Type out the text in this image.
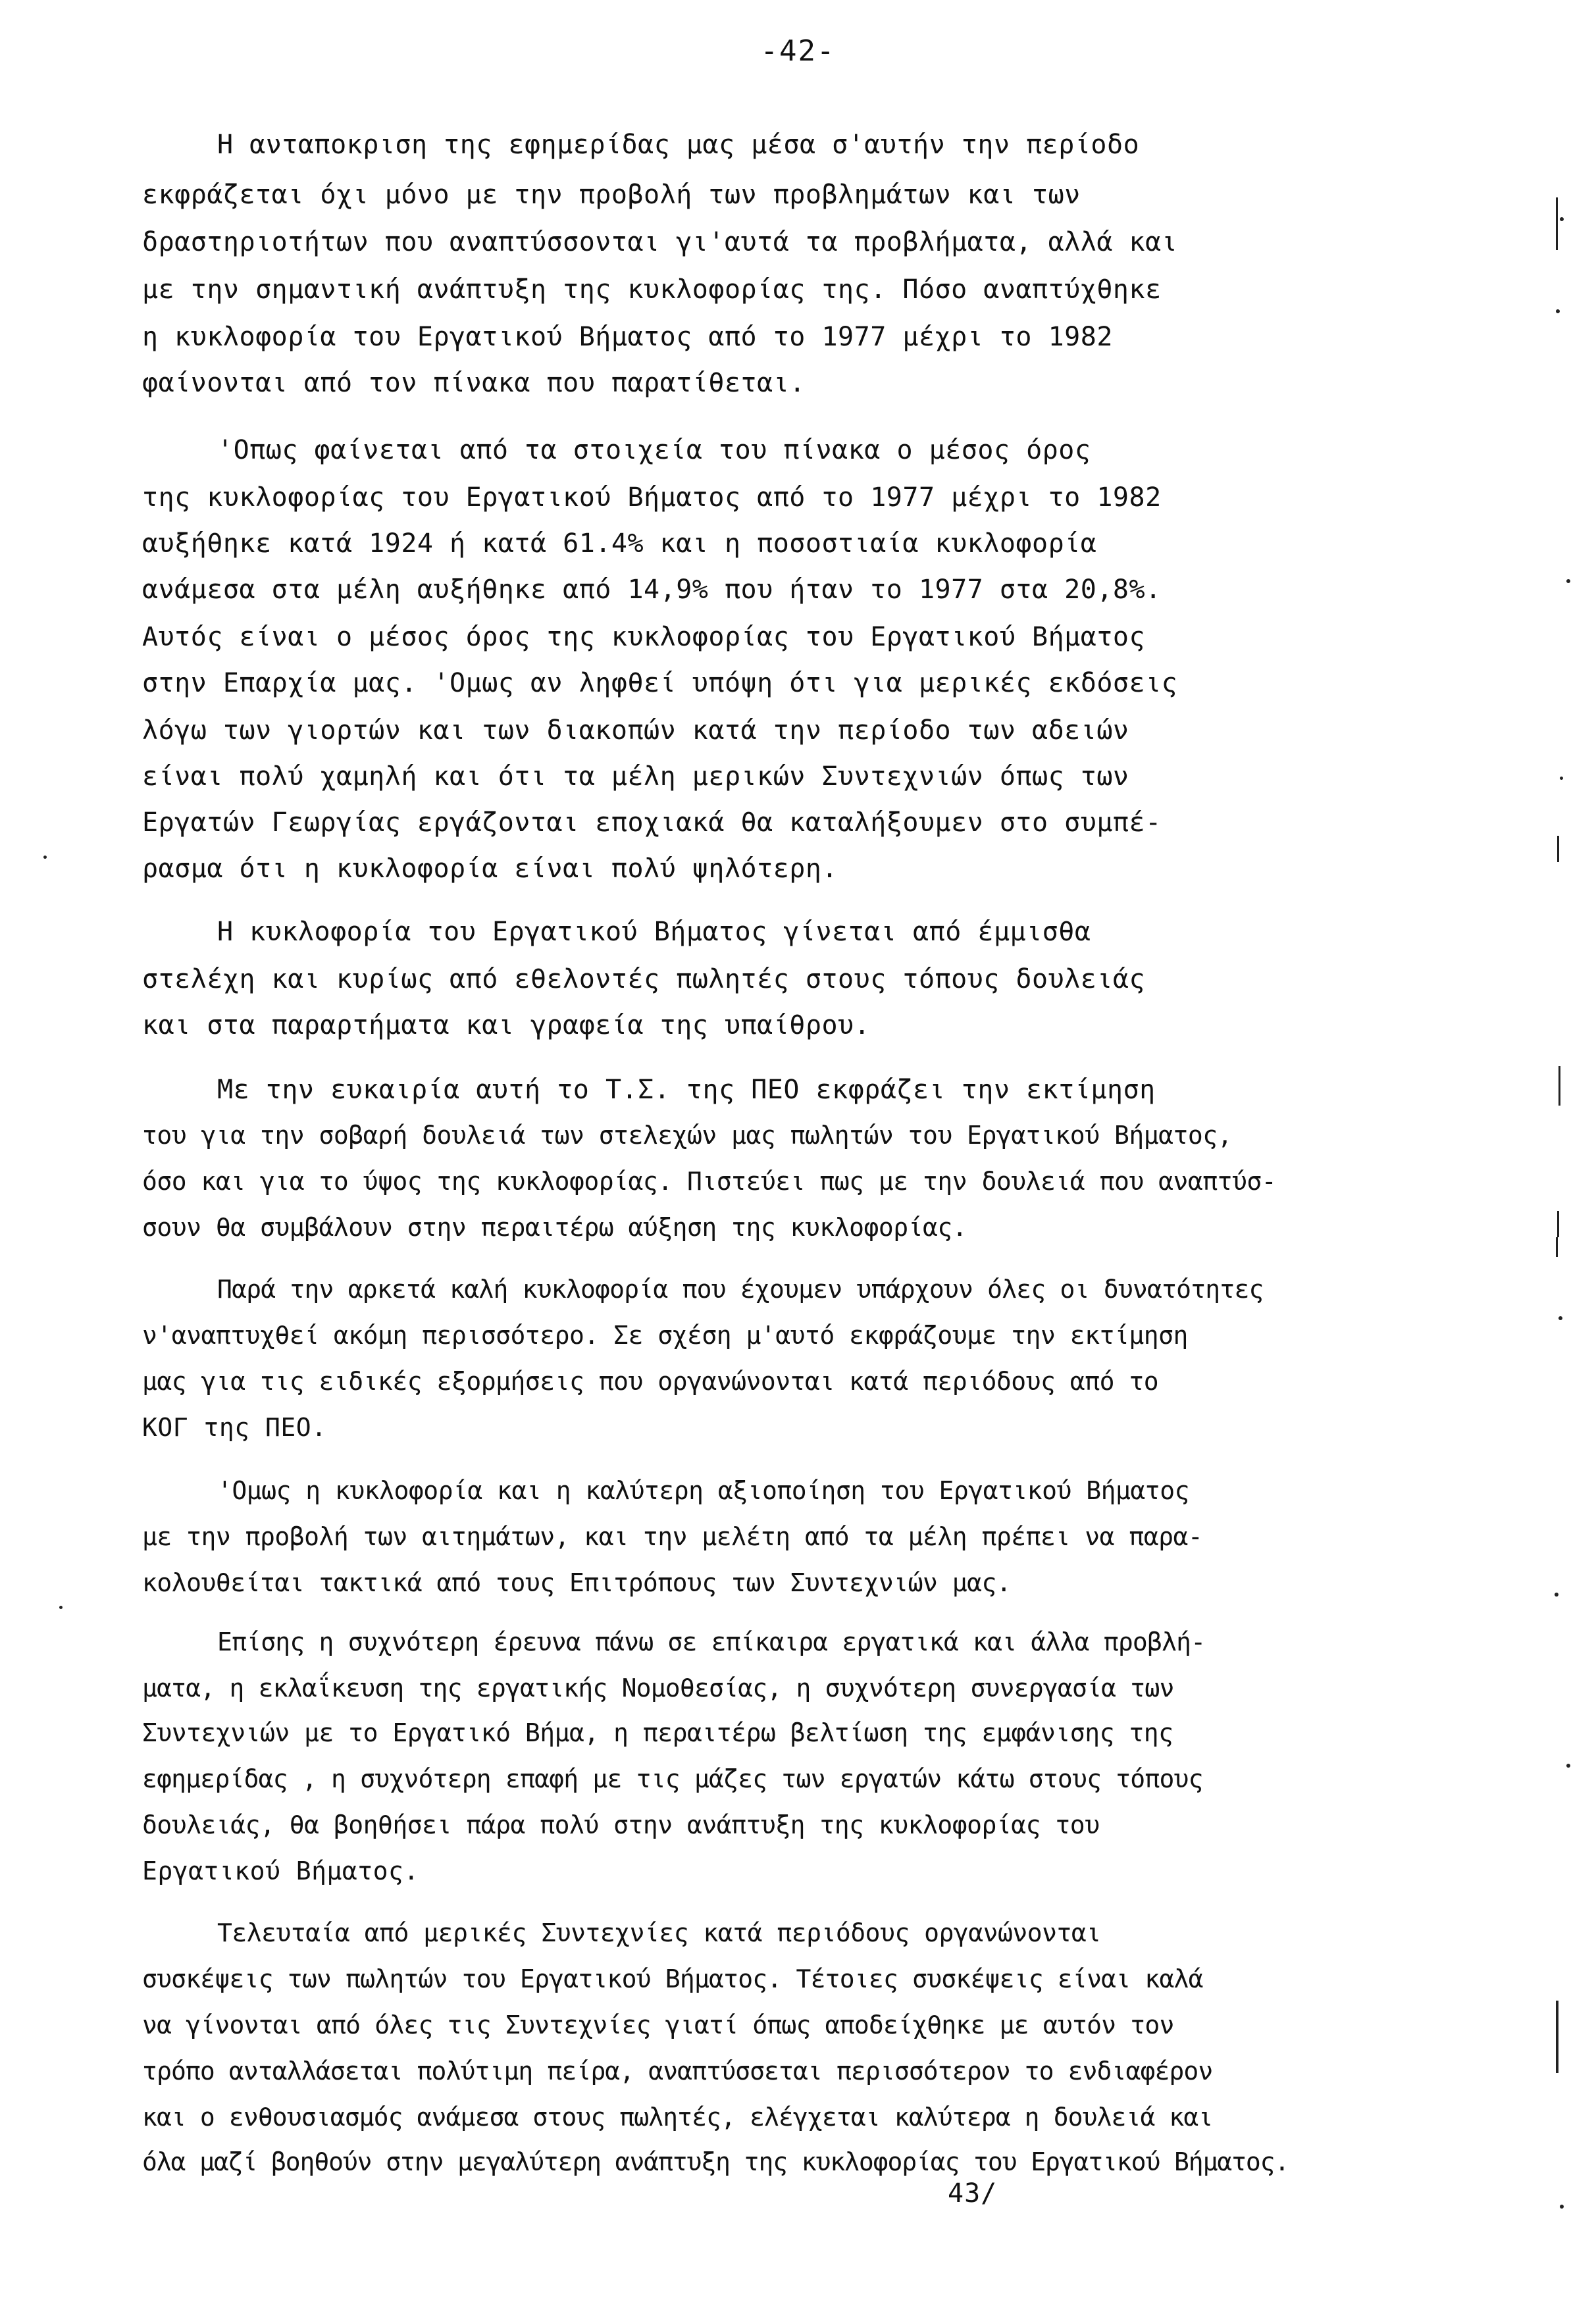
-42-
Η ανταποκριση της εφημερίδας μας μέσα σ'αυτήν την περίοδο
εκφράζεται όχι μόνο με την προβολή των προβλημάτων και των
δραστηριοτήτων που αναπτύσσονται γι'αυτά τα προβλήματα, αλλά και
με την σημαντική ανάπτυξη της κυκλοφορίας της. Πόσο αναπτύχθηκε
η κυκλοφορία του Εργατικού Βήματος από το 1977 μέχρι το 1982
φαίνονται από τον πίνακα που παρατίθεται.
'Οπως φαίνεται από τα στοιχεία του πίνακα ο μέσος όρος
της κυκλοφορίας του Εργατικού Βήματος από το 1977 μέχρι το 1982
αυξήθηκε κατά 1924 ή κατά 61.4% και η ποσοστιαία κυκλοφορία
ανάμεσα στα μέλη αυξήθηκε από 14,9% που ήταν το 1977 στα 20,8%.
Αυτός είναι ο μέσος όρος της κυκλοφορίας του Εργατικού Βήματος
στην Επαρχία μας. 'Ομως αν ληφθεί υπόψη ότι για μερικές εκδόσεις
λόγω των γιορτών και των διακοπών κατά την περίοδο των αδειών
είναι πολύ χαμηλή και ότι τα μέλη μερικών Συντεχνιών όπως των
Εργατών Γεωργίας εργάζονται εποχιακά θα καταλήξουμεν στο συμπέ-
ρασμα ότι η κυκλοφορία είναι πολύ ψηλότερη.
Η κυκλοφορία του Εργατικού Βήματος γίνεται από έμμισθα
στελέχη και κυρίως από εθελοντές πωλητές στους τόπους δουλειάς
και στα παραρτήματα και γραφεία της υπαίθρου.
Με την ευκαιρία αυτή το Τ.Σ. της ΠΕΟ εκφράζει την εκτίμηση
του για την σοβαρή δουλειά των στελεχών μας πωλητών του Εργατικού Βήματος,
όσο και για το ύψος της κυκλοφορίας. Πιστεύει πως με την δουλειά που αναπτύσ-
σουν θα συμβάλουν στην περαιτέρω αύξηση της κυκλοφορίας.
Παρά την αρκετά καλή κυκλοφορία που έχουμεν υπάρχουν όλες οι δυνατότητες
ν'αναπτυχθεί ακόμη περισσότερο. Σε σχέση μ'αυτό εκφράζουμε την εκτίμηση
μας για τις ειδικές εξορμήσεις που οργανώνονται κατά περιόδους από το
ΚΟΓ της ΠΕΟ.
'Ομως η κυκλοφορία και η καλύτερη αξιοποίηση του Εργατικού Βήματος
με την προβολή των αιτημάτων, και την μελέτη από τα μέλη πρέπει να παρα-
κολουθείται τακτικά από τους Επιτρόπους των Συντεχνιών μας.
Επίσης η συχνότερη έρευνα πάνω σε επίκαιρα εργατικά και άλλα προβλή-
ματα, η εκλαΐκευση της εργατικής Νομοθεσίας, η συχνότερη συνεργασία των
Συντεχνιών με το Εργατικό Βήμα, η περαιτέρω βελτίωση της εμφάνισης της
εφημερίδας , η συχνότερη επαφή με τις μάζες των εργατών κάτω στους τόπους
δουλειάς, θα βοηθήσει πάρα πολύ στην ανάπτυξη της κυκλοφορίας του
Εργατικού Βήματος.
Τελευταία από μερικές Συντεχνίες κατά περιόδους οργανώνονται
συσκέψεις των πωλητών του Εργατικού Βήματος. Τέτοιες συσκέψεις είναι καλά
να γίνονται από όλες τις Συντεχνίες γιατί όπως αποδείχθηκε με αυτόν τον
τρόπο ανταλλάσεται πολύτιμη πείρα, αναπτύσσεται περισσότερον το ενδιαφέρον
και ο ενθουσιασμός ανάμεσα στους πωλητές, ελέγχεται καλύτερα η δουλειά και
όλα μαζί βοηθούν στην μεγαλύτερη ανάπτυξη της κυκλοφορίας του Εργατικού Βήματος.
43/
